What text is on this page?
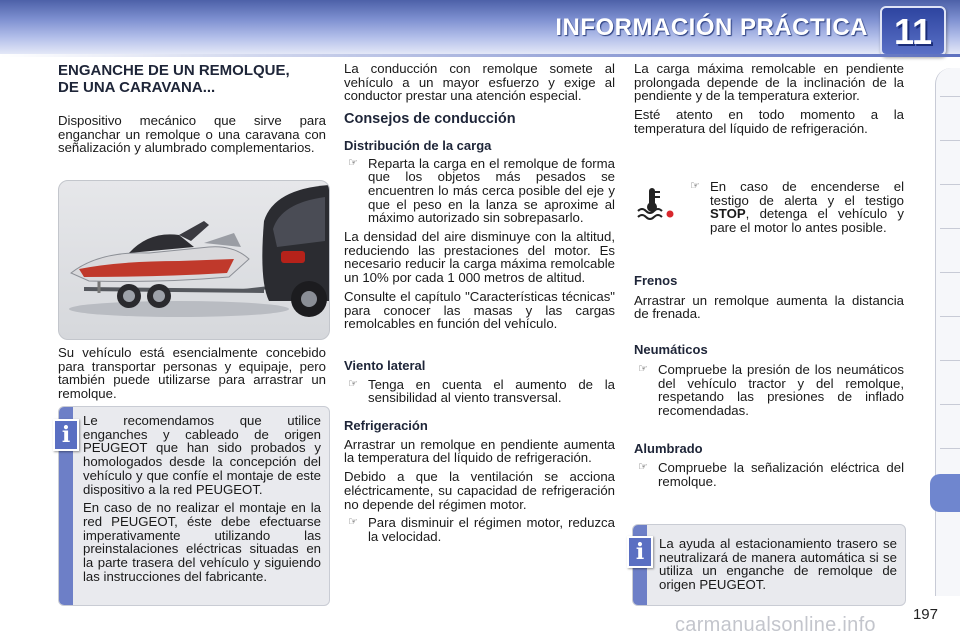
INFORMACIÓN PRÁCTICA 11
ENGANCHE DE UN REMOLQUE,
DE UNA CARAVANA...

Dispositivo mecánico que sirve para enganchar un remolque o una caravana con señalización y alumbrado complementarios.

Su vehículo está esencialmente concebido para transportar personas y equipaje, pero también puede utilizarse para arrastrar un remolque.

Le recomendamos que utilice enganches y cableado de origen PEUGEOT que han sido probados y homologados desde la concepción del vehículo y que confíe el montaje de este dispositivo a la red PEUGEOT.

En caso de no realizar el montaje en la red PEUGEOT, éste debe efectuarse imperativamente utilizando las preinstalaciones eléctricas situadas en la parte trasera del vehículo y siguiendo las instrucciones del fabricante.

i

La conducción con remolque somete al vehículo a un mayor esfuerzo y exige al conductor prestar una atención especial.

Consejos de conducción
Distribución de la carga

☞ Reparta la carga en el remolque de forma que los objetos más pesados se encuentren lo más cerca posible del eje y que el peso en la lanza se aproxime al máximo autorizado sin sobrepasarlo.

La densidad del aire disminuye con la altitud, reduciendo las prestaciones del motor. Es necesario reducir la carga máxima remolcable un 10% por cada 1 000 metros de altitud.

Consulte el capítulo "Características técnicas" para conocer las masas y las cargas remolcables en función del vehículo.

Viento lateral

☞ Tenga en cuenta el aumento de la sensibilidad al viento transversal.

Refrigeración

Arrastrar un remolque en pendiente aumenta la temperatura del líquido de refrigeración.

Debido a que la ventilación se acciona eléctricamente, su capacidad de refrigeración no depende del régimen motor.

☞ Para disminuir el régimen motor, reduzca la velocidad.

La carga máxima remolcable en pendiente prolongada depende de la inclinación de la pendiente y de la temperatura exterior.

Esté atento en todo momento a la temperatura del líquido de refrigeración.

☞ En caso de encenderse el testigo de alerta y el testigo STOP, detenga el vehículo y pare el motor lo antes posible.

Frenos

Arrastrar un remolque aumenta la distancia de frenada.

Neumáticos

☞ Compruebe la presión de los neumáticos del vehículo tractor y del remolque, respetando las presiones de inflado recomendadas.

Alumbrado

☞ Compruebe la señalización eléctrica del remolque.

La ayuda al estacionamiento trasero se neutralizará de manera automática si se utiliza un enganche de remolque de origen PEUGEOT.
i
197
carmanualsonline.info
